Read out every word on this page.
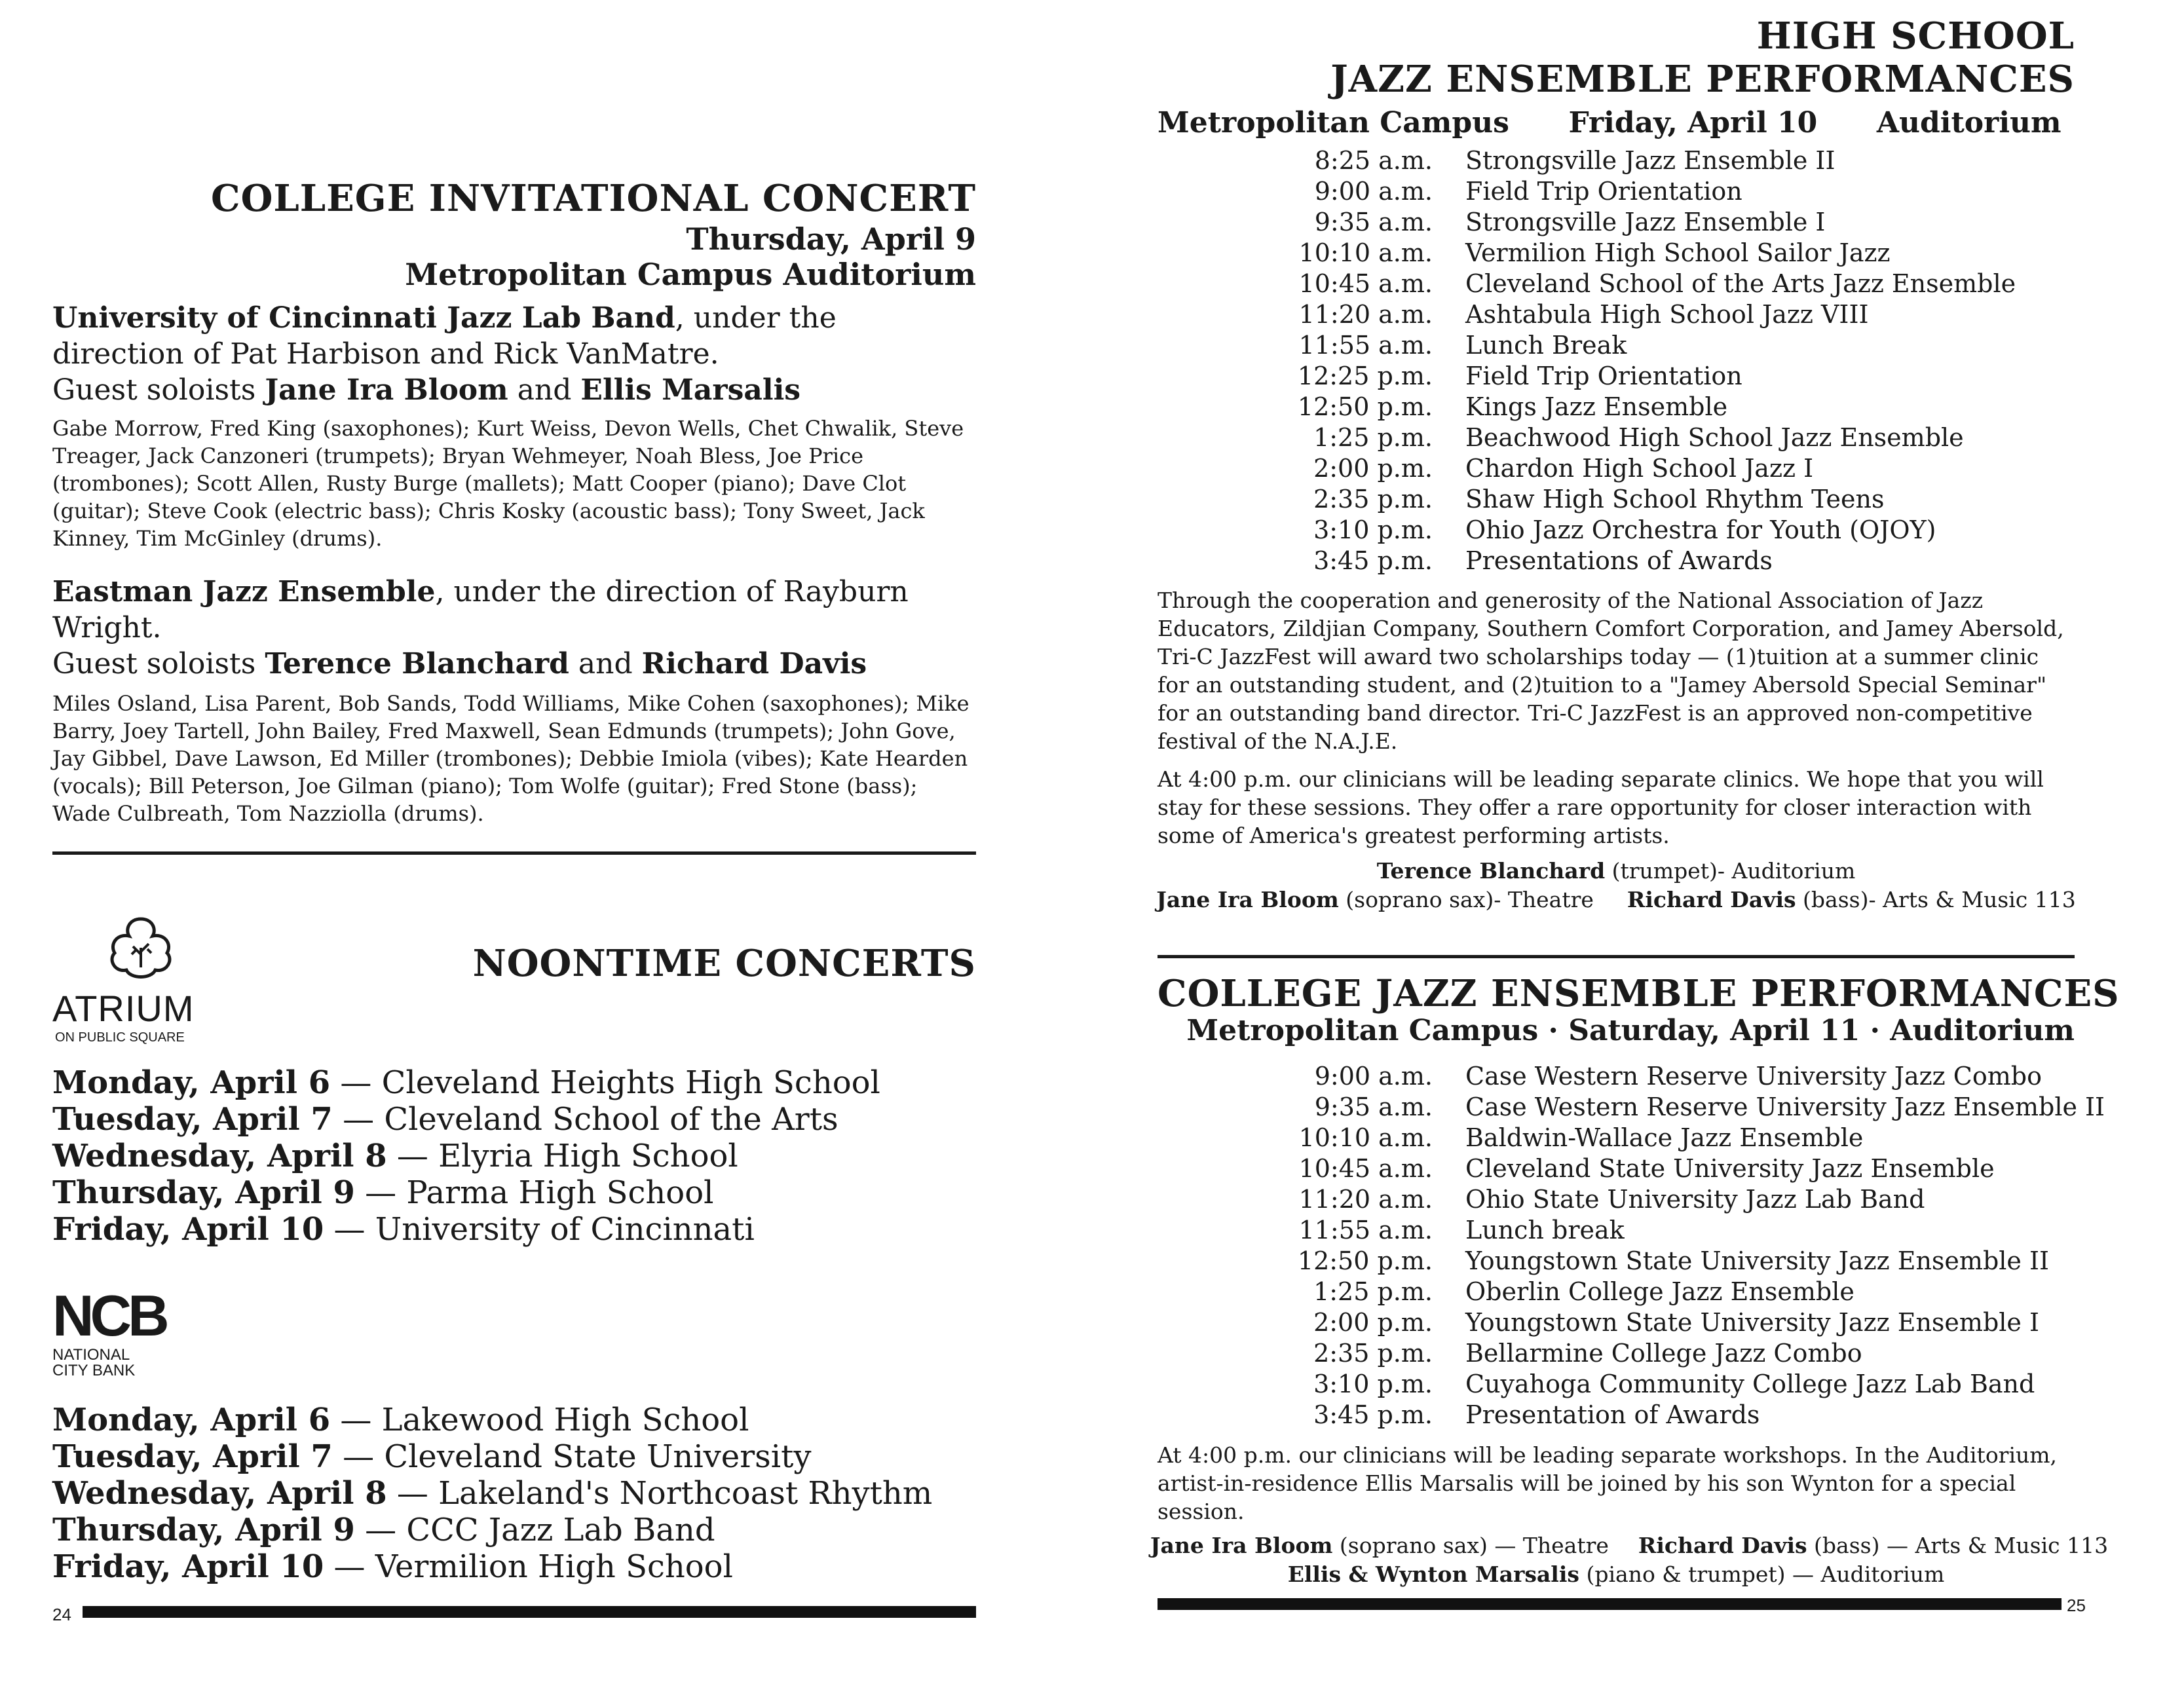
COLLEGE INVITATIONAL CONCERT
Thursday, April 9
Metropolitan Campus Auditorium
University of Cincinnati Jazz Lab Band, under the direction of Pat Harbison and Rick VanMatre.
Guest soloists Jane Ira Bloom and Ellis Marsalis
Gabe Morrow, Fred King (saxophones); Kurt Weiss, Devon Wells, Chet Chwalik, Steve Treager, Jack Canzoneri (trumpets); Bryan Wehmeyer, Noah Bless, Joe Price (trombones); Scott Allen, Rusty Burge (mallets); Matt Cooper (piano); Dave Clot (guitar); Steve Cook (electric bass); Chris Kosky (acoustic bass); Tony Sweet, Jack Kinney, Tim McGinley (drums).
Eastman Jazz Ensemble, under the direction of Rayburn Wright.
Guest soloists Terence Blanchard and Richard Davis
Miles Osland, Lisa Parent, Bob Sands, Todd Williams, Mike Cohen (saxophones); Mike Barry, Joey Tartell, John Bailey, Fred Maxwell, Sean Edmunds (trumpets); John Gove, Jay Gibbel, Dave Lawson, Ed Miller (trombones); Debbie Imiola (vibes); Kate Hearden (vocals); Bill Peterson, Joe Gilman (piano); Tom Wolfe (guitar); Fred Stone (bass); Wade Culbreath, Tom Nazziolla (drums).
ATRIUM
ON PUBLIC SQUARE
NOONTIME CONCERTS
Monday, April 6 — Cleveland Heights High School
Tuesday, April 7 — Cleveland School of the Arts
Wednesday, April 8 — Elyria High School
Thursday, April 9 — Parma High School
Friday, April 10 — University of Cincinnati
NCB
NATIONAL
CITY BANK
Monday, April 6 — Lakewood High School
Tuesday, April 7 — Cleveland State University
Wednesday, April 8 — Lakeland's Northcoast Rhythm
Thursday, April 9 — CCC Jazz Lab Band
Friday, April 10 — Vermilion High School
24
HIGH SCHOOL
JAZZ ENSEMBLE PERFORMANCES
Metropolitan Campus Friday, April 10 Auditorium
8:25 a.m. Strongsville Jazz Ensemble II
9:00 a.m. Field Trip Orientation
9:35 a.m. Strongsville Jazz Ensemble I
10:10 a.m. Vermilion High School Sailor Jazz
10:45 a.m. Cleveland School of the Arts Jazz Ensemble
11:20 a.m. Ashtabula High School Jazz VIII
11:55 a.m. Lunch Break
12:25 p.m. Field Trip Orientation
12:50 p.m. Kings Jazz Ensemble
1:25 p.m. Beachwood High School Jazz Ensemble
2:00 p.m. Chardon High School Jazz I
2:35 p.m. Shaw High School Rhythm Teens
3:10 p.m. Ohio Jazz Orchestra for Youth (OJOY)
3:45 p.m. Presentations of Awards
Through the cooperation and generosity of the National Association of Jazz Educators, Zildjian Company, Southern Comfort Corporation, and Jamey Abersold, Tri-C JazzFest will award two scholarships today — (1)tuition at a summer clinic for an outstanding student, and (2)tuition to a "Jamey Abersold Special Seminar" for an outstanding band director. Tri-C JazzFest is an approved non-competitive festival of the N.A.J.E.
At 4:00 p.m. our clinicians will be leading separate clinics. We hope that you will stay for these sessions. They offer a rare opportunity for closer interaction with some of America's greatest performing artists.
Terence Blanchard (trumpet)- Auditorium
Jane Ira Bloom (soprano sax)- Theatre Richard Davis (bass)- Arts & Music 113
COLLEGE JAZZ ENSEMBLE PERFORMANCES
Metropolitan Campus · Saturday, April 11 · Auditorium
9:00 a.m. Case Western Reserve University Jazz Combo
9:35 a.m. Case Western Reserve University Jazz Ensemble II
10:10 a.m. Baldwin-Wallace Jazz Ensemble
10:45 a.m. Cleveland State University Jazz Ensemble
11:20 a.m. Ohio State University Jazz Lab Band
11:55 a.m. Lunch break
12:50 p.m. Youngstown State University Jazz Ensemble II
1:25 p.m. Oberlin College Jazz Ensemble
2:00 p.m. Youngstown State University Jazz Ensemble I
2:35 p.m. Bellarmine College Jazz Combo
3:10 p.m. Cuyahoga Community College Jazz Lab Band
3:45 p.m. Presentation of Awards
At 4:00 p.m. our clinicians will be leading separate workshops. In the Auditorium, artist-in-residence Ellis Marsalis will be joined by his son Wynton for a special session.
Jane Ira Bloom (soprano sax) — Theatre Richard Davis (bass) — Arts & Music 113
Ellis & Wynton Marsalis (piano & trumpet) — Auditorium
25
